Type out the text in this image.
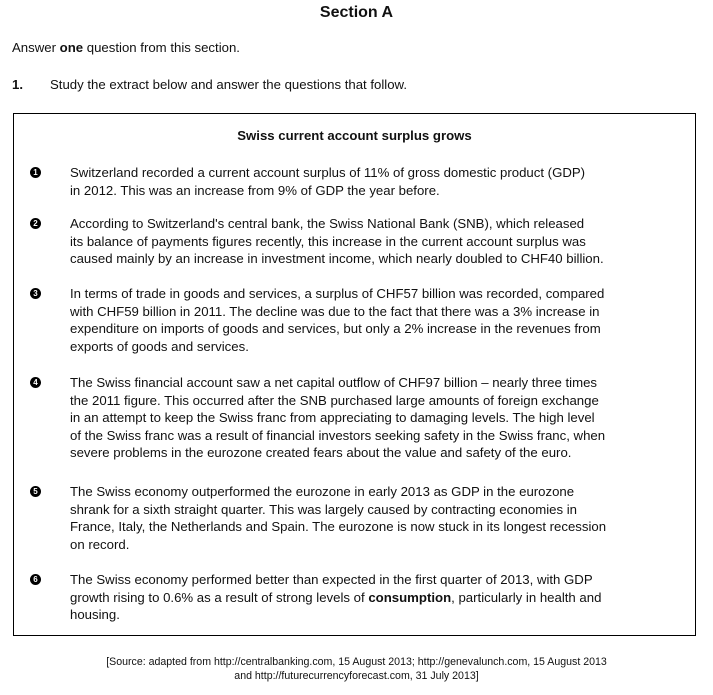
Section A
Answer one question from this section.
1. Study the extract below and answer the questions that follow.
Swiss current account surplus grows
1 Switzerland recorded a current account surplus of 11% of gross domestic product (GDP)
in 2012. This was an increase from 9% of GDP the year before.
2 According to Switzerland's central bank, the Swiss National Bank (SNB), which released
its balance of payments figures recently, this increase in the current account surplus was
caused mainly by an increase in investment income, which nearly doubled to CHF40 billion.
3 In terms of trade in goods and services, a surplus of CHF57 billion was recorded, compared
with CHF59 billion in 2011. The decline was due to the fact that there was a 3% increase in
expenditure on imports of goods and services, but only a 2% increase in the revenues from
exports of goods and services.
4 The Swiss financial account saw a net capital outflow of CHF97 billion – nearly three times
the 2011 figure. This occurred after the SNB purchased large amounts of foreign exchange
in an attempt to keep the Swiss franc from appreciating to damaging levels. The high level
of the Swiss franc was a result of financial investors seeking safety in the Swiss franc, when
severe problems in the eurozone created fears about the value and safety of the euro.
5 The Swiss economy outperformed the eurozone in early 2013 as GDP in the eurozone
shrank for a sixth straight quarter. This was largely caused by contracting economies in
France, Italy, the Netherlands and Spain. The eurozone is now stuck in its longest recession
on record.
6 The Swiss economy performed better than expected in the first quarter of 2013, with GDP
growth rising to 0.6% as a result of strong levels of consumption, particularly in health and
housing.
[Source: adapted from http://centralbanking.com, 15 August 2013; http://genevalunch.com, 15 August 2013
and http://futurecurrencyforecast.com, 31 July 2013]
